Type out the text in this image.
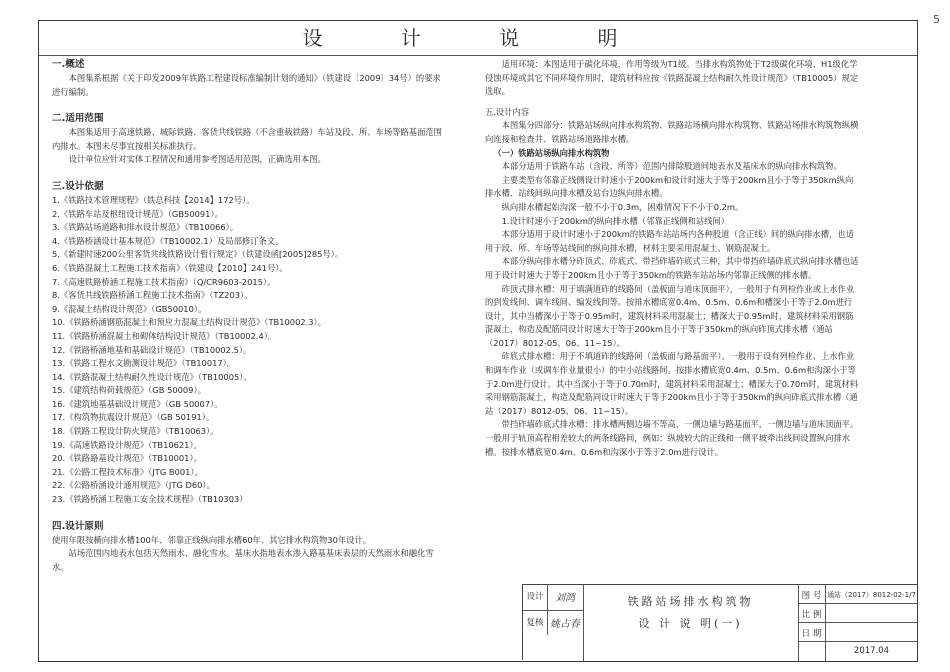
5
设 计 说 明
一.概述
本图集系根据《关于印发2009年铁路工程建设标准编制计划的通知》（铁建设〔2009〕34号）的要求进行编制。
二.适用范围
本图集适用于高速铁路、城际铁路、客货共线铁路（不含重载铁路）车站及段、所、车场等路基面范围内排水。本图未尽事宜按相关标准执行。
设计单位应针对实体工程情况和通用参考图适用范围，正确选用本图。
三.设计依据
1.《铁路技术管理规程》（铁总科技【2014】172号）。
2.《铁路车站及枢纽设计规范》（GB50091）。
3.《铁路站场道路和排水设计规范》（TB10066）。
4.《铁路桥涵设计基本规范》（TB10002.1）及局部修订条文。
5.《新建时速200公里客货共线铁路设计暂行规定》（铁建设函[2005]285号）。
6.《铁路混凝土工程施工技术指南》（铁建设【2010】241号）。
7.《高速铁路桥涵工程施工技术指南》（Q/CR9603-2015）。
8.《客货共线铁路桥涵工程施工技术指南》（TZ203）。
9.《混凝土结构设计规范》（GB50010）。
10.《铁路桥涵钢筋混凝土和预应力混凝土结构设计规范》（TB10002.3）。
11.《铁路桥涵混凝土和砌体结构设计规范》（TB10002.4）。
12.《铁路桥涵地基和基础设计规范》（TB10002.5）。
13.《铁路工程水文勘测设计规范》（TB10017）。
14.《铁路混凝土结构耐久性设计规范》（TB10005）。
15.《建筑结构荷载规范》（GB 50009）。
16.《建筑地基基础设计规范》（GB 50007）。
17.《构筑物抗震设计规范》（GB 50191）。
18.《铁路工程设计防火规范》（TB10063）。
19.《高速铁路设计规范》（TB10621）。
20.《铁路路基设计规范》（TB10001）。
21.《公路工程技术标准》（JTG B001）。
22.《公路桥涵设计通用规范》（JTG D60）。
23.《铁路桥涵工程施工安全技术规程》（TB10303）
四.设计原则
使用年限按横向排水槽100年、邻靠正线纵向排水槽60年、其它排水构筑物30年设计。
站场范围内地表水包括天然雨水、融化雪水。基床水指地表水渗入路基基床表层的天然雨水和融化雪水。
适用环境：本图适用于碳化环境，作用等级为T1级。当排水构筑物处于T2级碳化环境、H1级化学侵蚀环境或其它不同环境作用时，建筑材料应按《铁路混凝土结构耐久性设计规范》（TB10005）规定选取。
五.设计内容
本图集分四部分：铁路站场纵向排水构筑物、铁路站场横向排水构筑物、铁路站场排水构筑物纵横向连接和检查井、铁路站场道路排水槽。
（一）铁路站场纵向排水构筑物
本部分适用于铁路车站（含段、所等）范围内排除股道间地表水及基床水的纵向排水构筑物。
主要类型有邻靠正线侧设计时速小于200km和设计时速大于等于200km且小于等于350km纵向排水槽、站线间纵向排水槽及站台边纵向排水槽。
纵向排水槽起始沟深一般不小于0.3m，困难情况下不小于0.2m。
1.设计时速小于200km的纵向排水槽（邻靠正线侧和站线间）
本部分适用于设计时速小于200km的铁路车站站场内各种股道（含正线）间的纵向排水槽，也适用于段、所、车场等站线间的纵向排水槽，材料主要采用混凝土、钢筋混凝土。
本部分纵向排水槽分砟顶式、砟底式、带挡砟墙砟底式三种，其中带挡砟墙砟底式纵向排水槽也适用于设计时速大于等于200km且小于等于350km的铁路车站站场内邻靠正线侧的排水槽。
砟顶式排水槽：用于填满道砟的线路间（盖板面与道床顶面平），一般用于有列检作业或上水作业的到发线间、调车线间、编发线间等。按排水槽底宽0.4m、0.5m、0.6m和槽深小于等于2.0m进行设计，其中当槽深小于等于0.95m时，建筑材料采用混凝土；槽深大于0.95m时，建筑材料采用钢筋混凝土，构造及配筋同设计时速大于等于200km且小于等于350km的纵向砟顶式排水槽（通站（2017）8012-05、06、11~15）。
砟底式排水槽：用于不填道砟的线路间（盖板面与路基面平）。一般用于设有列检作业、上水作业和调车作业（或调车作业量很小）的中小站线路间。按排水槽底宽0.4m、0.5m、0.6m和沟深小于等于2.0m进行设计。其中当深小于等于0.70m时，建筑材料采用混凝土；槽深大于0.70m时，建筑材料采用钢筋混凝土，构造及配筋同设计时速大于等于200km且小于等于350km的纵向砟底式排水槽（通站（2017）8012-05、06、11~15）。
带挡砟墙砟底式排水槽：排水槽两侧边墙不等高，一侧边墙与路基面平，一侧边墙与道床顶面平。一般用于轨顶高程相差较大的两条线路间，例如：纵坡较大的正线和一侧平坡牵出线间设置纵向排水槽。按排水槽底宽0.4m、0.6m和沟深小于等于2.0m进行设计。
设计	刘鸿
复核 姚占春
铁路站场排水构筑物
设 计 说 明(一)
图 号 通站（2017）8012-02-1/7
比 例
日 期
2017.04
